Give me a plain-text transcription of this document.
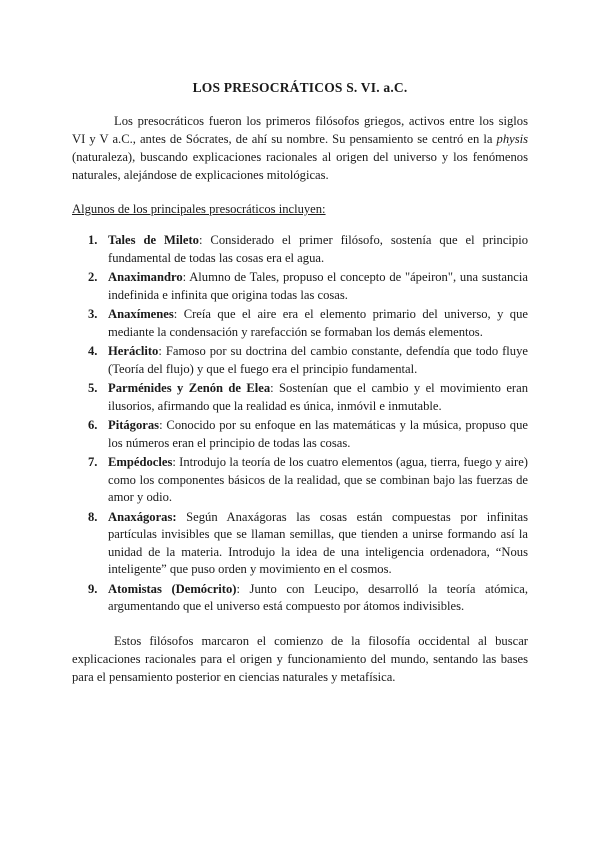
LOS PRESOCRÁTICOS S. VI. a.C.

Los presocráticos fueron los primeros filósofos griegos, activos entre los siglos VI y V a.C., antes de Sócrates, de ahí su nombre. Su pensamiento se centró en la physis (naturaleza), buscando explicaciones racionales al origen del universo y los fenómenos naturales, alejándose de explicaciones mitológicas.

Algunos de los principales presocráticos incluyen:

1. Tales de Mileto: Considerado el primer filósofo, sostenía que el principio fundamental de todas las cosas era el agua.
2. Anaximandro: Alumno de Tales, propuso el concepto de "ápeiron", una sustancia indefinida e infinita que origina todas las cosas.
3. Anaxímenes: Creía que el aire era el elemento primario del universo, y que mediante la condensación y rarefacción se formaban los demás elementos.
4. Heráclito: Famoso por su doctrina del cambio constante, defendía que todo fluye (Teoría del flujo) y que el fuego era el principio fundamental.
5. Parménides y Zenón de Elea: Sostenían que el cambio y el movimiento eran ilusorios, afirmando que la realidad es única, inmóvil e inmutable.
6. Pitágoras: Conocido por su enfoque en las matemáticas y la música, propuso que los números eran el principio de todas las cosas.
7. Empédocles: Introdujo la teoría de los cuatro elementos (agua, tierra, fuego y aire) como los componentes básicos de la realidad, que se combinan bajo las fuerzas de amor y odio.
8. Anaxágoras: Según Anaxágoras las cosas están compuestas por infinitas partículas invisibles que se llaman semillas, que tienden a unirse formando así la unidad de la materia. Introdujo la idea de una inteligencia ordenadora, “Nous inteligente” que puso orden y movimiento en el cosmos.
9. Atomistas (Demócrito): Junto con Leucipo, desarrolló la teoría atómica, argumentando que el universo está compuesto por átomos indivisibles.

Estos filósofos marcaron el comienzo de la filosofía occidental al buscar explicaciones racionales para el origen y funcionamiento del mundo, sentando las bases para el pensamiento posterior en ciencias naturales y metafísica.
